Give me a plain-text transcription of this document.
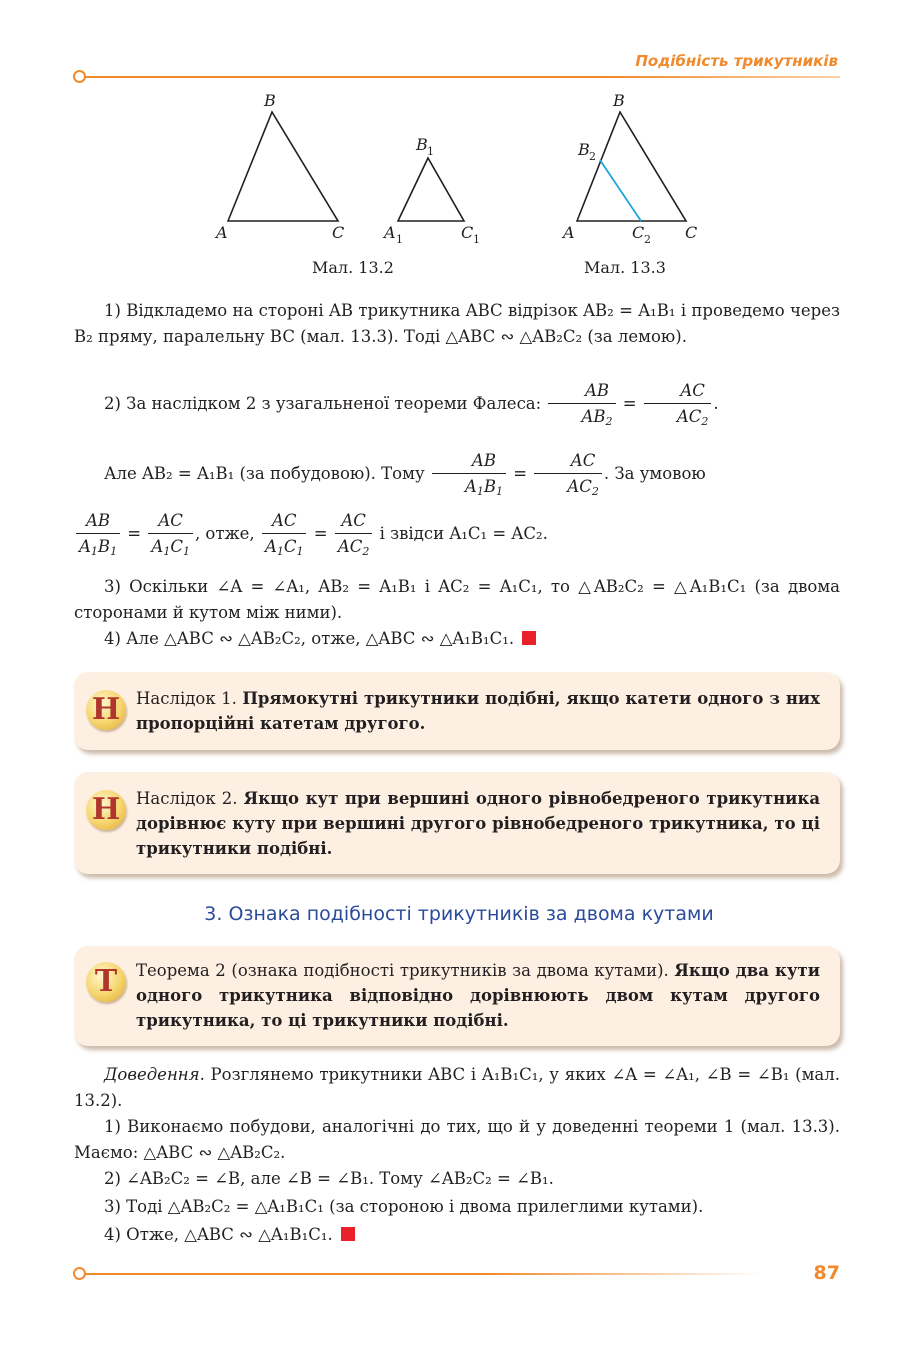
Подібність трикутників
B
A	C
B 1
A 1	C 1
B
B 2
A	C 2 C
Мал. 13.2	Мал. 13.3
1) Відкладемо на стороні AB трикутника ABC відрізок AB₂ = A₁B₁ і проведемо через B₂ пряму, паралельну BC (мал. 13.3). Тоді △ABC ∾ △AB₂C₂ (за лемою).
2) За наслідком 2 з узагальненої теореми Фалеса: $\frac{AB}{AB_2} = \frac{AC}{AC_2}$ .
Але AB₂ = A₁B₁ (за побудовою). Тому $\frac{AB}{A_1B_1} = \frac{AC}{AC_2}$ . За умовою
$\frac{AB}{A_1B_1} = \frac{AC}{A_1C_1}$ , отже, $\frac{AC}{A_1C_1} = \frac{AC}{AC_2}$ і звідси A₁C₁ = AC₂.
3) Оскільки ∠A = ∠A₁, AB₂ = A₁B₁ і AC₂ = A₁C₁, то △AB₂C₂ = △A₁B₁C₁ (за двома сторонами й кутом між ними).
4) Але △ABC ∾ △AB₂C₂, отже, △ABC ∾ △A₁B₁C₁.
Н Наслідок 1. Прямокутні трикутники подібні, якщо катети одного з них пропорційні катетам другого.
Н Наслідок 2. Якщо кут при вершині одного рівнобедреного трикутника дорівнює куту при вершині другого рівнобедреного трикутника, то ці трикутники подібні.
3. Ознака подібності трикутників за двома кутами
Т	Теорема 2 (ознака подібності трикутників за двома кутами). Якщо два кути одного трикутника відповідно дорівнюють двом кутам другого трикутника, то ці трикутники подібні.
Доведення. Розглянемо трикутники ABC і A₁B₁C₁, у яких ∠A = ∠A₁, ∠B = ∠B₁ (мал. 13.2).
1) Виконаємо побудови, аналогічні до тих, що й у доведенні теореми 1 (мал. 13.3). Маємо: △ABC ∾ △AB₂C₂.
2) ∠AB₂C₂ = ∠B, але ∠B = ∠B₁. Тому ∠AB₂C₂ = ∠B₁.
3) Тоді △AB₂C₂ = △A₁B₁C₁ (за стороною і двома прилеглими кутами).
4) Отже, △ABC ∾ △A₁B₁C₁.
87
